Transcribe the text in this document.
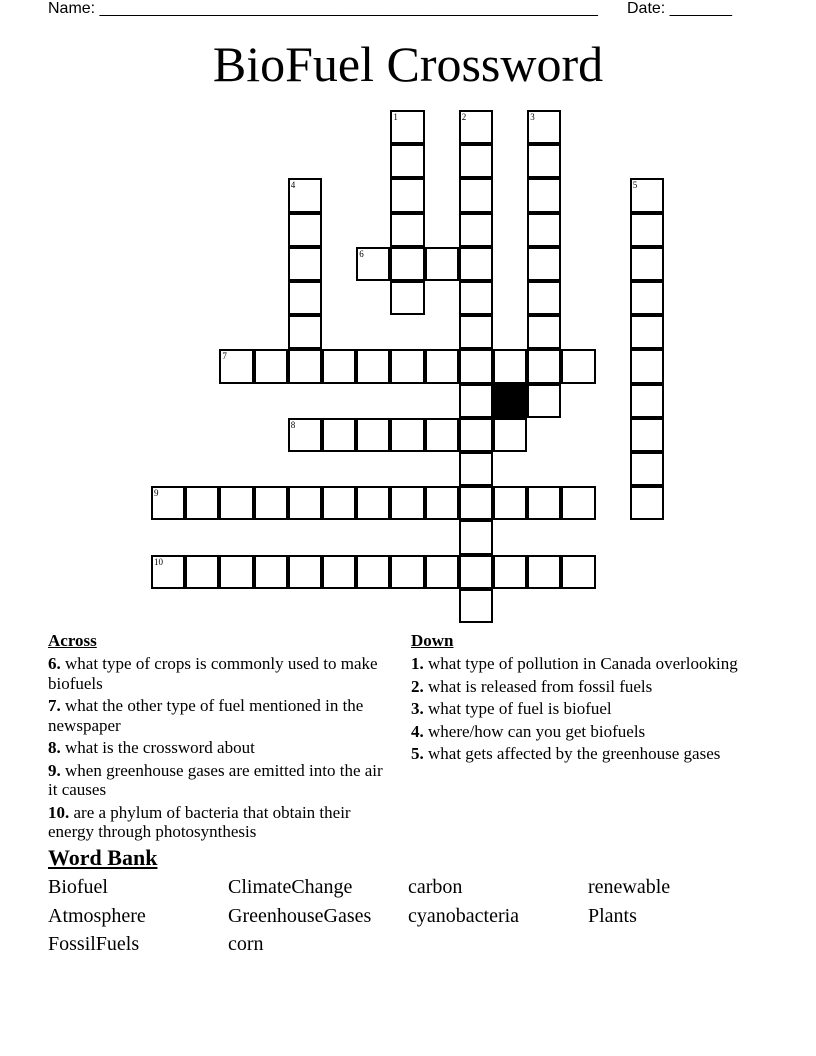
Name: ________________________________________________________ Date: _______
BioFuel Crossword
1	2	3
4	5
6
7
8
9
10
Across
6. what type of crops is commonly used to make biofuels
7. what the other type of fuel mentioned in the newspaper
8. what is the crossword about
9. when greenhouse gases are emitted into the air it causes
10. are a phylum of bacteria that obtain their energy through photosynthesis
Down
1. what type of pollution in Canada overlooking
2. what is released from fossil fuels
3. what type of fuel is biofuel
4. where/how can you get biofuels
5. what gets affected by the greenhouse gases
Word Bank
Biofuel	ClimateChange	carbon	renewable
Atmosphere	GreenhouseGases	cyanobacteria	Plants
FossilFuels	corn
